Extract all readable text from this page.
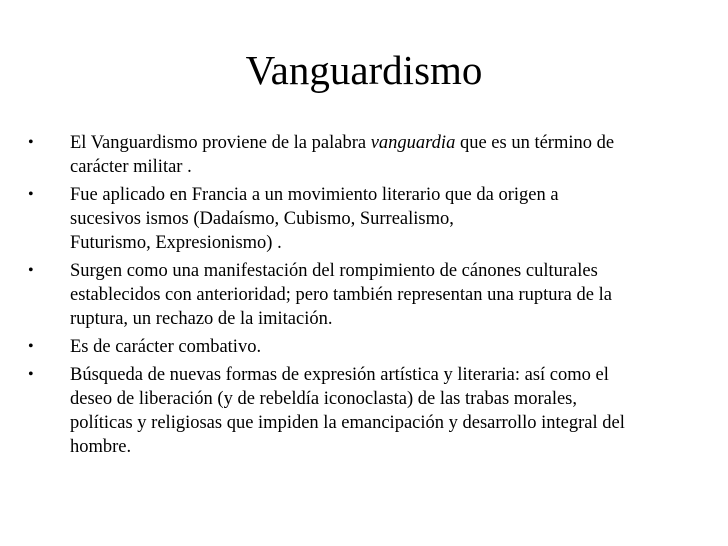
Vanguardismo
•	El Vanguardismo proviene de la palabra vanguardia que es un término de
carácter militar .
•	Fue aplicado en Francia a un movimiento literario que da origen a
sucesivos ismos (Dadaísmo, Cubismo, Surrealismo,
Futurismo, Expresionismo) .
•	Surgen como una manifestación del rompimiento de cánones culturales
establecidos con anterioridad; pero también representan una ruptura de la
ruptura, un rechazo de la imitación.
•	Es de carácter combativo.
•	Búsqueda de nuevas formas de expresión artística y literaria: así como el
deseo de liberación (y de rebeldía iconoclasta) de las trabas morales,
políticas y religiosas que impiden la emancipación y desarrollo integral del
hombre.
